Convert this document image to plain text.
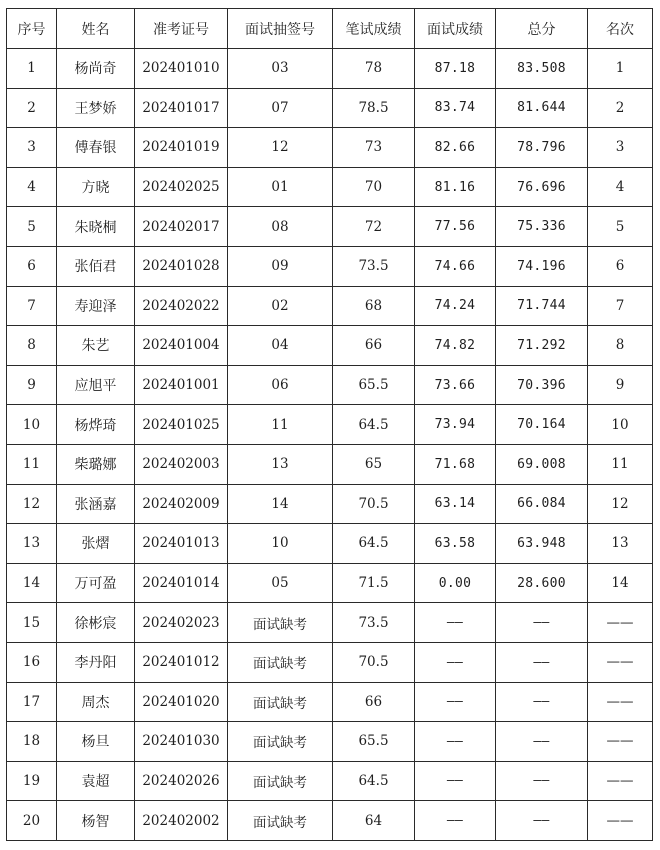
序号	姓名	准考证号	面试抽签号	笔试成绩	面试成绩	总分	名次
1	杨尚奇	202401010	03	78	87.18	83.508	1
2	王梦娇	202401017	07	78.5	83.74	81.644	2
3	傅春银	202401019	12	73	82.66	78.796	3
4	方晓	202402025	01	70	81.16	76.696	4
5	朱晓桐	202402017	08	72	77.56	75.336	5
6	张佰君	202401028	09	73.5	74.66	74.196	6
7	寿迎泽	202402022	02	68	74.24	71.744	7
8	朱艺	202401004	04	66	74.82	71.292	8
9	应旭平	202401001	06	65.5	73.66	70.396	9
10	杨烨琦	202401025	11	64.5	73.94	70.164	10
11	柴璐娜	202402003	13	65	71.68	69.008	11
12	张涵嘉	202402009	14	70.5	63.14	66.084	12
13	张熠	202401013	10	64.5	63.58	63.948	13
14	万可盈	202401014	05	71.5	0.00	28.600	14
15	徐彬宸	202402023	面试缺考	73.5	——	——	——
16	李丹阳	202401012	面试缺考	70.5	——	——	——
17	周杰	202401020	面试缺考	66	——	——	——
18	杨旦	202401030	面试缺考	65.5	——	——	——
19	袁超	202402026	面试缺考	64.5	——	——	——
20	杨智	202402002	面试缺考	64	——	——	——
